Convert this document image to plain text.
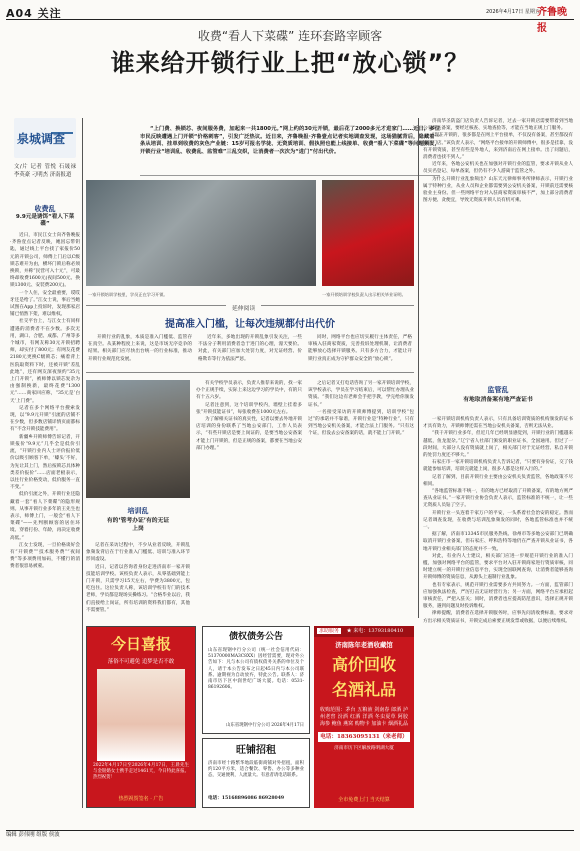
A04 关注	2026年4月17日 星期五
齐鲁晚报
收费“看人下菜碟” 连环套路宰顾客
谁来给开锁行业上把“放心锁”？
泉城调查
文/片 记者 管悦 石晟禄 李英豪 刁明杰 济南报道
“上门费、换锁芯、夜间服务费，加起来一共1800元。”网上约的30元开锁，最后花了2000多元才进家门……近日，多位市民反映遭遇上门开锁“价格刺客”，引发广泛热议。近日来，齐鲁晚报·齐鲁壹点记者实地调查发现，这场猫腻背后，隐藏着一条从培训、挂单到收费的灰色产业链：15岁可报名学徒、无资质培训、假执照也能上线接单、收费“看人下菜碟”等问题频发，开锁行业“培训乱、收费乱、监管难”三乱交织，让消费者一次次为“进门”付出代价。
收费乱
9.9元是诱饵“看人下菜碟”

近日，市民江女士向齐鲁晚报·齐鲁壹点记者反映，她因忘带钥匙，通过线上平台找了家报价50元的开锁公司，师傅上门后以C级锁芯难开为由，横坏门锁后称必须换锁，并称“民营可入十元”，可最终却收费1600元(夜间500元、换锁1300元、安装费200元)。

一个人住，安全最重要，哎哎牙还是给了。”江女士说，事后当她试图在App上投诉时，发现那家店铺已悄然下架，难以维权。

社交平台上，与江女士有同样遭遇的消费者不在少数。多次无用，湖口、合肥、成都、广州等多个城市，有网友称30元开锁招聘师，却实付了800元；有网友花费2180元更换C级锁芯；痛着背上医院取资料下时，还被开锁“差乱此地”，还有网友深夜预约“35元上门开锁”，被师傅以锁芯复杂为由强制换新，最终花费“1300元”……商家回应称，“35元是‘白天’上门费”。

记者在多个网络平台搜索发现，以“9.9元开锁”引流的店铺不在少数，但多数店铺详情页面都标有“不含开锁技能费用”。

新疆乡开锁师傅告诉记者，开锁报价“9.9元”几乎全是低价引流，“开锁行业内人士评价报价低价以吸引顾客下单，‘噱头’不好，为先让其上门，然后按锁芯具体种类差价报价”……店面老板表示，以往行业价格变动，低价服务一直不变。”

低价引流之外，开锁行业还隐藏着一套“看人下菜碟”的隐形规则。从事开锁行业多年的王先生也表示，师傅上门，一般会“看人下菜碟”——先判断顾客的居住环境、穿着打扮、年龄，再决定收费高低。”

江女士发现，一旦价格谈好会有“开锁费”“技术服务费”“夜间费”等多项费用加码，不懂行的消费者很容易被蒙。

一家开锁培训学校里，学员正在学习开锁。	一家开锁培训学校负责人出示相关毕业证明。

济南华圣防盗门店负责人告诉记者，过去一家开锁店需要带着到当地公安机关备案，要经过核查、实地查验等，才能在当地正规上门服务。

“现在开锁的，很多都是在网上平台接单，不仅没有备案，甚至都没有固定门店。”该负责人表示，“网络平台接单的开锁师傅中，很多是挂靠，没有开锁资质，甚至有些是外地人，来到济南后在网上接单。出了问题后，消费者也找不到人。”

近年来，各地公安机关也在加强对开锁行业的监管，要求开锁从业人员实名登记、每单备案，但仍有不少人游离于监管之外。

为什么开锁行业乱象频出？山东天元律师事务所律师表示，开锁行业属于特种行业，从业人员和企业都需要到公安机关备案，开锁前还需要核验业主身份。但一些网络平台对入驻商家资质审核不严，加上部分消费者图方便、贪便宜，导致无资质开锁人员有机可乘。

监管乱
有地取消备案有地严查证书

一家开锁培训机构负责人表示，只有具备培训资质的机构颁发的证书才具有效力，开锁师傅还需在当地公安机关备案，否则无法从业。

“我干开锁行业多年，但近几年已经明显感觉到，开锁行业的门槛越来越低，鱼龙混杂。”辽宁省人社部门颁发的职业证书，全国通用。但过了一段时间，大部分人没有资质就上岗了，相关部门对于无证经营、私自开锁的处罚力度还不够大。”

石家庄市一家开锁培训机构负责人告诉记者，“只要有身份证，交了钱就能参加培训，培训完就能上岗，很多人都是这样入行的。”

记者了解到，目前开锁行业主要由公安机关负责监管，各地政策不尽相同。

“各地监管标准不统一，有的地方已经取消了开锁备案，有的地方则严查从业证书。”一家开锁行业协会负责人表示，监管标准的不统一，让一些无资质人员钻了空子。

开锁行业一头连着千家万户的平安，一头系着社会治安的稳定。然而记者调查发现，在收费与培训乱象频发的同时，各地监管标准也并不统一。

据了解，济南市13345市民服务热线、徐州市等多地公安部门已明确取消开锁行业备案，但石家庄、呼和浩特等地仍在严查开锁从业证书，各地开锁行业相关部门的态度并不一致。

对此，有业内人士建议，相关部门应进一步规范开锁行业的准入门槛，加强对网络平台的监管，要求平台对入驻开锁商家进行资质审核，同时建立统一的开锁行业信息平台，实现全国联网查询，让消费者能够查询开锁师傅的资质信息，从源头上遏制行业乱象。

也有专家表示，规范开锁行业需要多方共同努力。一方面，监管部门应加强执法检查，严厉打击无证经营行为；另一方面，网络平台应承担起审核责任，严把入驻关；同时，消费者也应提高防范意识，选择正规开锁服务，遇到问题及时投诉维权。

律师提醒，消费者在选择开锁服务时，应事先问清收费标准，要求对方出示相关资质证书，开锁完成后索要正规发票或收据，以便后续维权。

延伸阅读
提高准入门槛，让每次违规都付出代价

开锁行业的乱象，本质是准入门槛低、监管存在真空。从某种程度上来说，这是市场无序竞争的结果。相关部门应尽快出台统一的行业标准，推动开锁行业规范化发展。

近年来，多地出现的开锁乱象引发关注，一些不法分子利用消费者急于进门的心理，漫天要价。对此，有关部门应加大处罚力度，对无证经营、价格欺诈等行为依法严惩。

同时，网络平台也应切实履行主体责任，严格审核入驻商家资质，完善投诉处理机制，让消费者能够放心选择开锁服务。只有多方合力，才能让开锁行业真正成为守护群众安全的“放心锁”。

培训乱
有的‘管考办证’有的无证上岗

记者在采访过程中，不少从业者反映，开锁乱象频发背后在于行业准入门槛低、培训与准入环节形同虚设。

近日，记者以咨询者身份走进济南市一家开锁技能培训学校。该校负责人表示，从零基础到能上门开锁，只需学习15天左右，学费为3800元，包吃包住。这位负责人称，该培训学校有专门的技术老师，学员都是现场实操练习。“合格毕业以后，我们直接给上岗证，所有培训的资料我们都有，其他不需要管。”

有关学校学员表示，负责人推荐来说的，找一家办个正规手续，实际上来这边学习的学员中，有的只有十五六岁。

记者注意到，这个培训学校内，墙壁上挂着多张“开锁技能证书”，每张收费在1000元左右。

为了解相关证书的真实性，记者以要去外地开锁店培训的身份联系了当地公安部门，工作人员表示，“有些开锁店是要上岗证的，是要当地公安备案才能上门开锁的，但是正规的备案，都要在当地公安部门办理。”

之后记者又打电话咨询了另一家开锁培训学校，该学校表示，学员在学习结束后，可以帮忙办理从业资质。“我们这边有老师会手把手教，学完给你颁发证书。”

一名接受采访的开锁师傅提到，培训学校“包过”的承诺并不靠谱，开锁行业是“特种行业”，只有到当地公安机关备案，才能合法上门服务。“只有这个证，但没去公安备案的话，就不能上门开锁。”

今日喜报
落俗不可避免 追梦是否不敢
2022年4月17日至2026年4月17日，王晨先生与金银婚女士携手走过1461天，今日特此喜报。热烈祝贺！
热烈祝贺签名 · 广告
债权债务公告
山东省现钢中行分公司（统一社会信用代码：51370000MA3C8XX）因经营需要，现对外公告如下：凡与本公司有债权债务关系的单位及个人，请于本公告发布之日起45日内与本公司联系。逾期视为自动放弃，特此公告。联系人：济南市历下区中润世纪广场大厦。电话：0531-86192606。
山东省现钢中行分公司 2026年4月17日
旺铺招租
济南市经十路繁华地段临街商铺对外招租，面积约120平方米，适合餐饮、零售、办公等多种业态，交通便利，人流量大。有意者请电话联系。
电话：15168896086 86928049
求助服务 ★ 来电：13793180410
济南陈年老酒收藏馆
高价回收
名酒礼品
收购范围：茅台 五粮液 剑南春 郎酒 泸州老窖 汾酒 红酒 洋酒 冬虫夏草 阿胶 海参 鲍鱼 燕窝 购物卡 加油卡 烟酒礼品
电话：18363095131（来老师）
济南市历下区解放路明湖大厦
全市免费上门 当天结算
编辑 彭伟刚 组版 侯波
